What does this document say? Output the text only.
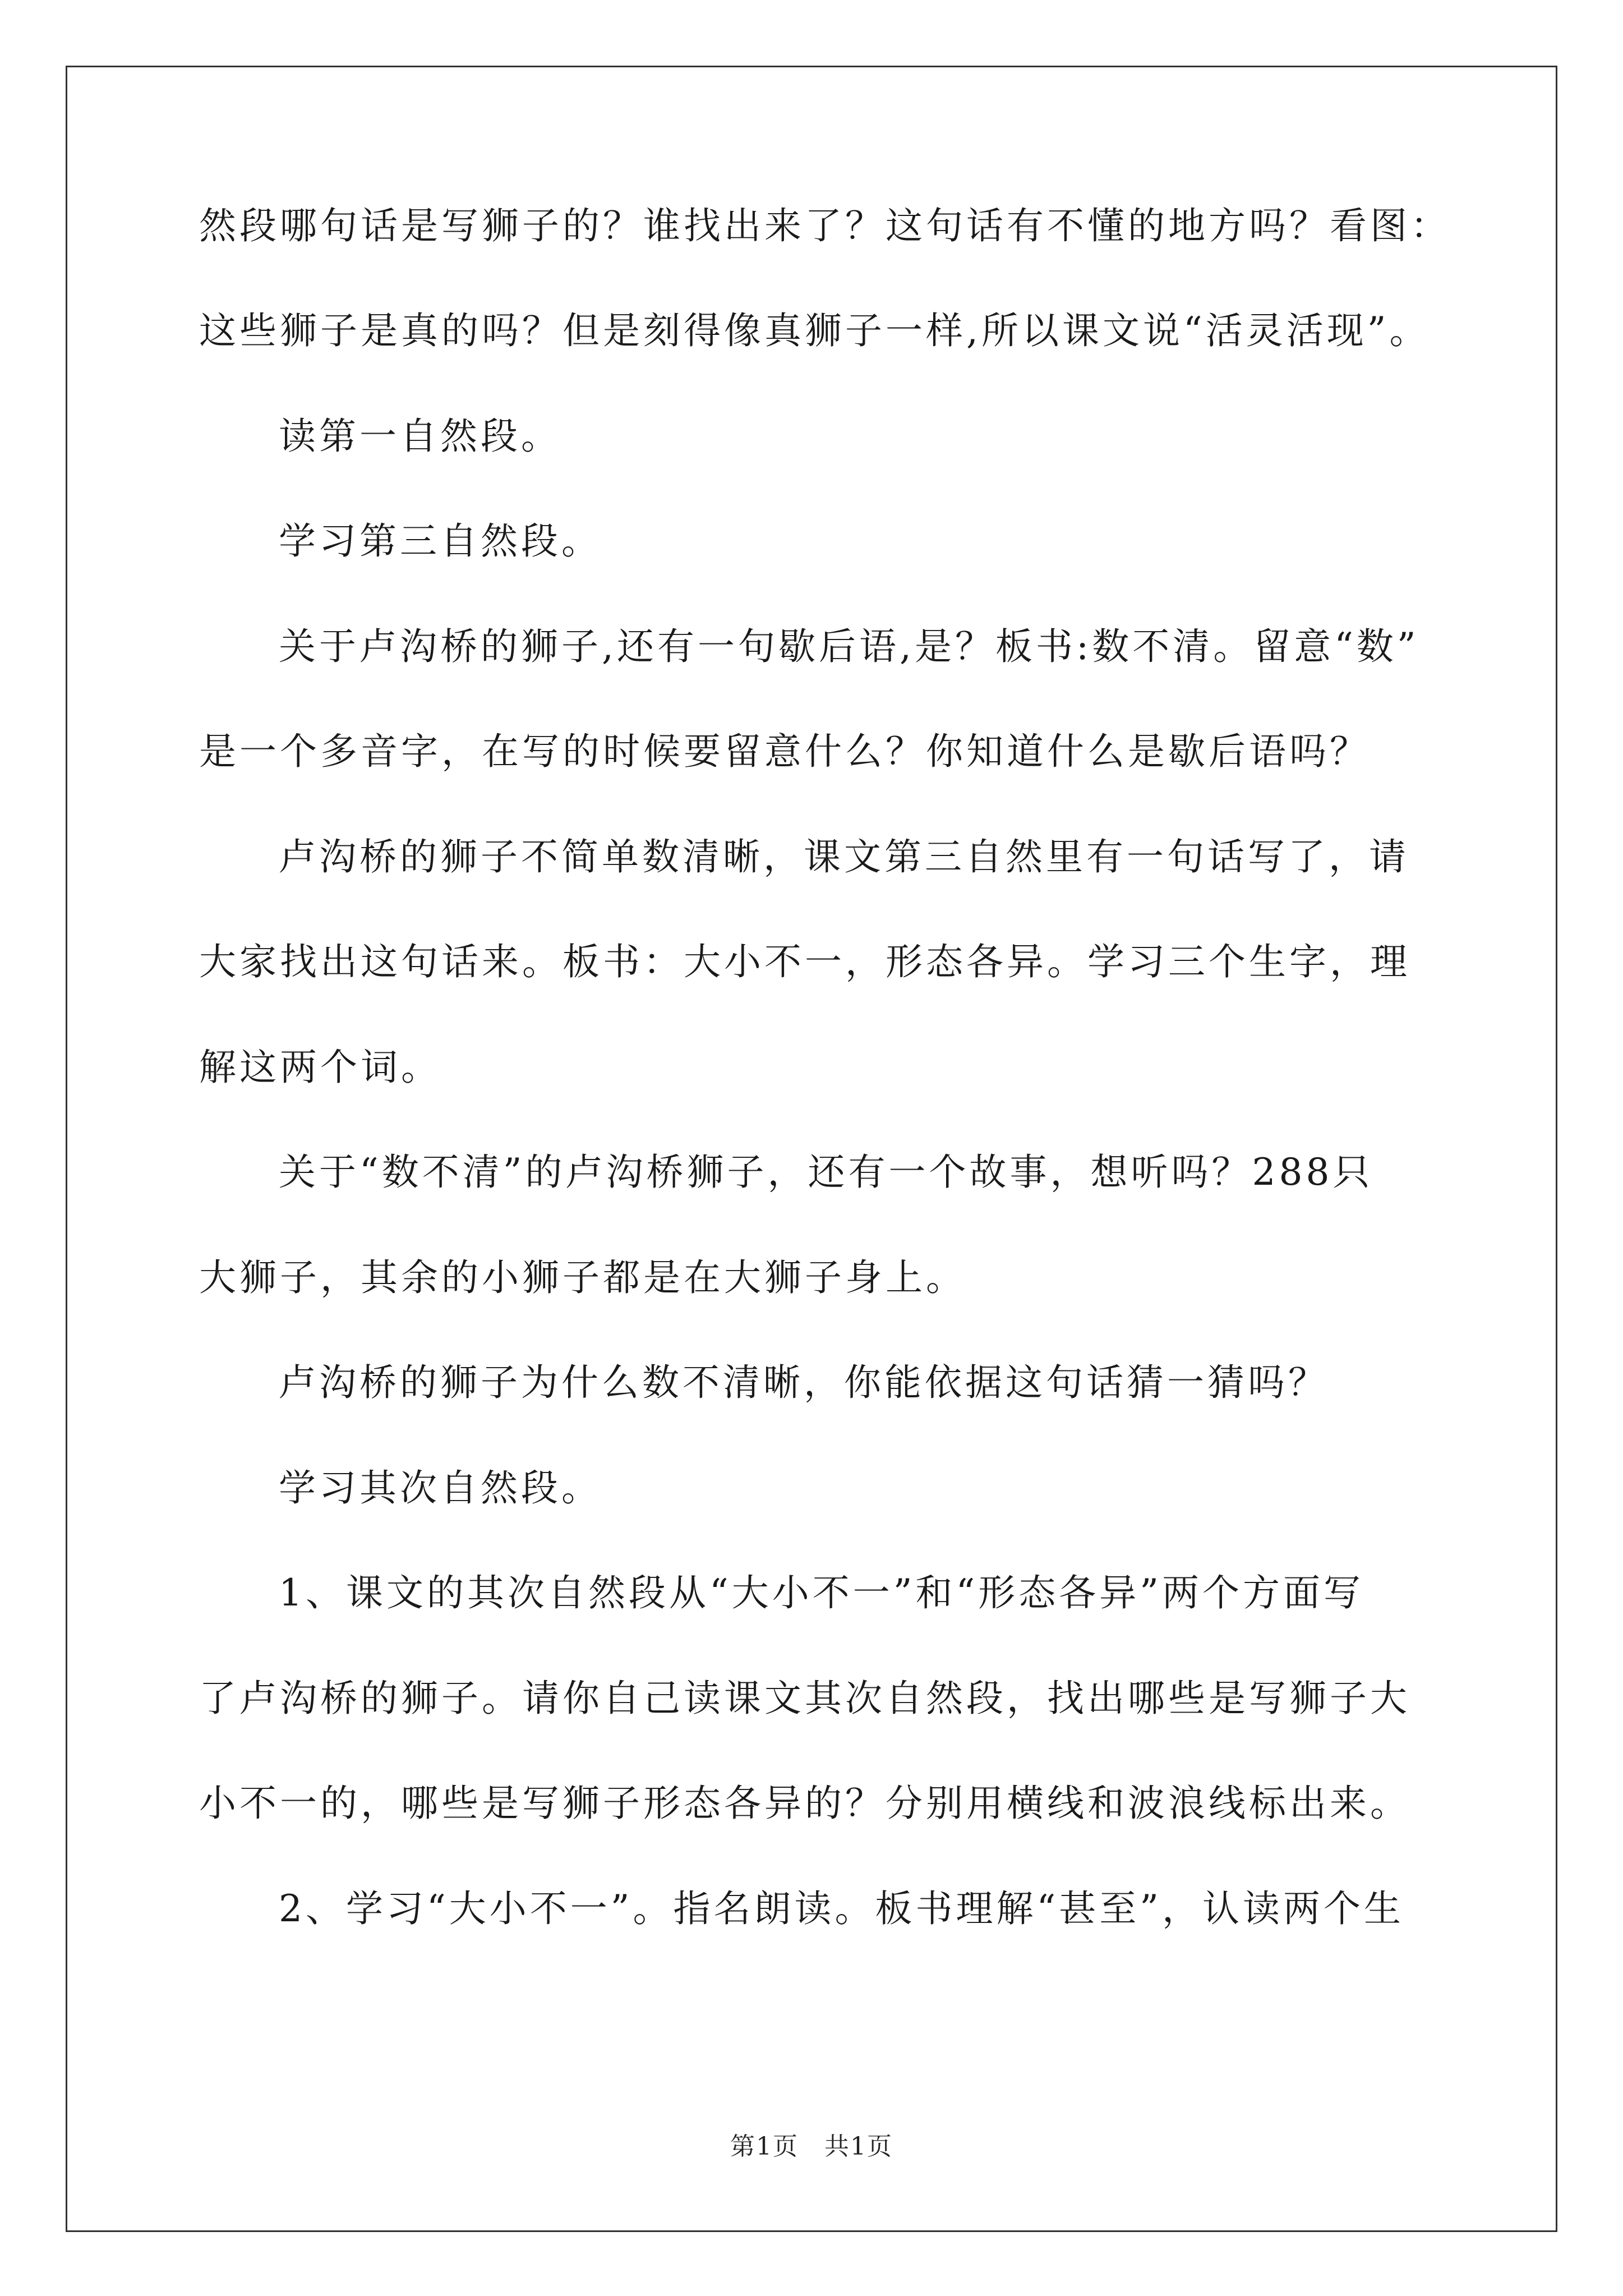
然段哪句话是写狮子的？谁找出来了？这句话有不懂的地方吗？看图：
这些狮子是真的吗？但是刻得像真狮子一样,所以课文说“活灵活现”。
读第一自然段。
学习第三自然段。
关于卢沟桥的狮子,还有一句歇后语,是？板书:数不清。留意“数”
是一个多音字，在写的时候要留意什么？你知道什么是歇后语吗？
卢沟桥的狮子不简单数清晰，课文第三自然里有一句话写了，请
大家找出这句话来。板书：大小不一，形态各异。学习三个生字，理
解这两个词。
关于“数不清”的卢沟桥狮子，还有一个故事，想听吗？288只
大狮子，其余的小狮子都是在大狮子身上。
卢沟桥的狮子为什么数不清晰，你能依据这句话猜一猜吗？
学习其次自然段。
1、课文的其次自然段从“大小不一”和“形态各异”两个方面写
了卢沟桥的狮子。请你自己读课文其次自然段，找出哪些是写狮子大
小不一的，哪些是写狮子形态各异的？分别用横线和波浪线标出来。
2、学习“大小不一”。指名朗读。板书理解“甚至”，认读两个生
第1页　共1页
